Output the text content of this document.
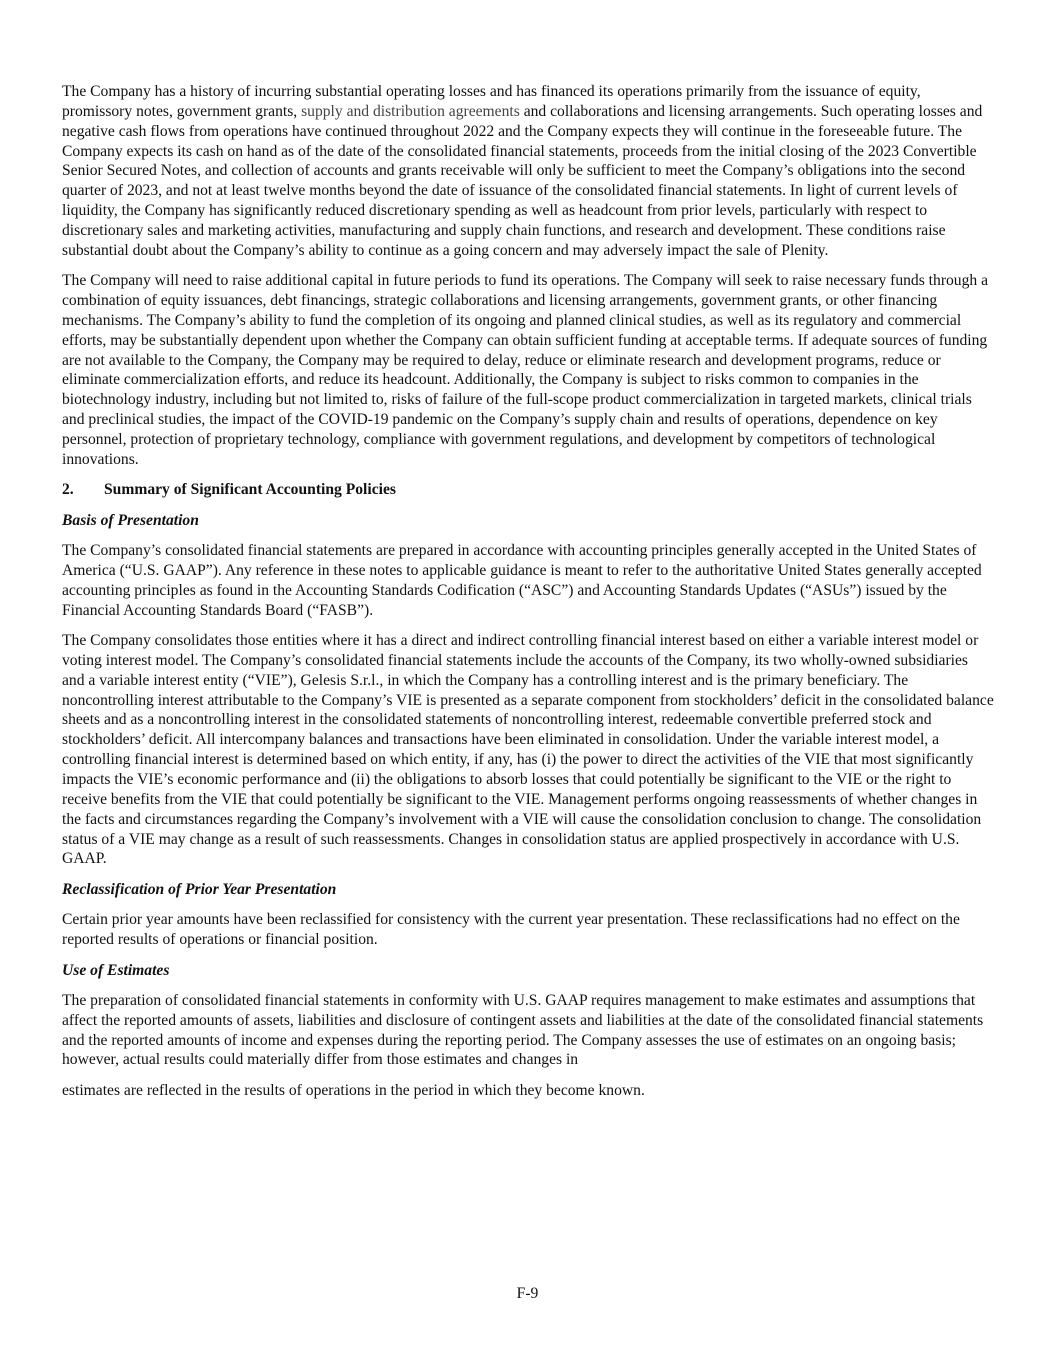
The Company has a history of incurring substantial operating losses and has financed its operations primarily from the issuance of equity, promissory notes, government grants, supply and distribution agreements and collaborations and licensing arrangements. Such operating losses and negative cash flows from operations have continued throughout 2022 and the Company expects they will continue in the foreseeable future. The Company expects its cash on hand as of the date of the consolidated financial statements, proceeds from the initial closing of the 2023 Convertible Senior Secured Notes, and collection of accounts and grants receivable will only be sufficient to meet the Company’s obligations into the second quarter of 2023, and not at least twelve months beyond the date of issuance of the consolidated financial statements. In light of current levels of liquidity, the Company has significantly reduced discretionary spending as well as headcount from prior levels, particularly with respect to discretionary sales and marketing activities, manufacturing and supply chain functions, and research and development. These conditions raise substantial doubt about the Company’s ability to continue as a going concern and may adversely impact the sale of Plenity.

The Company will need to raise additional capital in future periods to fund its operations. The Company will seek to raise necessary funds through a combination of equity issuances, debt financings, strategic collaborations and licensing arrangements, government grants, or other financing mechanisms. The Company’s ability to fund the completion of its ongoing and planned clinical studies, as well as its regulatory and commercial efforts, may be substantially dependent upon whether the Company can obtain sufficient funding at acceptable terms. If adequate sources of funding are not available to the Company, the Company may be required to delay, reduce or eliminate research and development programs, reduce or eliminate commercialization efforts, and reduce its headcount. Additionally, the Company is subject to risks common to companies in the biotechnology industry, including but not limited to, risks of failure of the full-scope product commercialization in targeted markets, clinical trials and preclinical studies, the impact of the COVID-19 pandemic on the Company’s supply chain and results of operations, dependence on key personnel, protection of proprietary technology, compliance with government regulations, and development by competitors of technological innovations.

2. Summary of Significant Accounting Policies
Basis of Presentation

The Company’s consolidated financial statements are prepared in accordance with accounting principles generally accepted in the United States of America (“U.S. GAAP”). Any reference in these notes to applicable guidance is meant to refer to the authoritative United States generally accepted accounting principles as found in the Accounting Standards Codification (“ASC”) and Accounting Standards Updates (“ASUs”) issued by the Financial Accounting Standards Board (“FASB”).

The Company consolidates those entities where it has a direct and indirect controlling financial interest based on either a variable interest model or voting interest model. The Company’s consolidated financial statements include the accounts of the Company, its two wholly-owned subsidiaries and a variable interest entity (“VIE”), Gelesis S.r.l., in which the Company has a controlling interest and is the primary beneficiary. The noncontrolling interest attributable to the Company’s VIE is presented as a separate component from stockholders’ deficit in the consolidated balance sheets and as a noncontrolling interest in the consolidated statements of noncontrolling interest, redeemable convertible preferred stock and stockholders’ deficit. All intercompany balances and transactions have been eliminated in consolidation. Under the variable interest model, a controlling financial interest is determined based on which entity, if any, has (i) the power to direct the activities of the VIE that most significantly impacts the VIE’s economic performance and (ii) the obligations to absorb losses that could potentially be significant to the VIE or the right to receive benefits from the VIE that could potentially be significant to the VIE. Management performs ongoing reassessments of whether changes in the facts and circumstances regarding the Company’s involvement with a VIE will cause the consolidation conclusion to change. The consolidation status of a VIE may change as a result of such reassessments. Changes in consolidation status are applied prospectively in accordance with U.S. GAAP.

Reclassification of Prior Year Presentation

Certain prior year amounts have been reclassified for consistency with the current year presentation. These reclassifications had no effect on the reported results of operations or financial position.

Use of Estimates

The preparation of consolidated financial statements in conformity with U.S. GAAP requires management to make estimates and assumptions that affect the reported amounts of assets, liabilities and disclosure of contingent assets and liabilities at the date of the consolidated financial statements and the reported amounts of income and expenses during the reporting period. The Company assesses the use of estimates on an ongoing basis; however, actual results could materially differ from those estimates and changes in

estimates are reflected in the results of operations in the period in which they become known.

F-9
